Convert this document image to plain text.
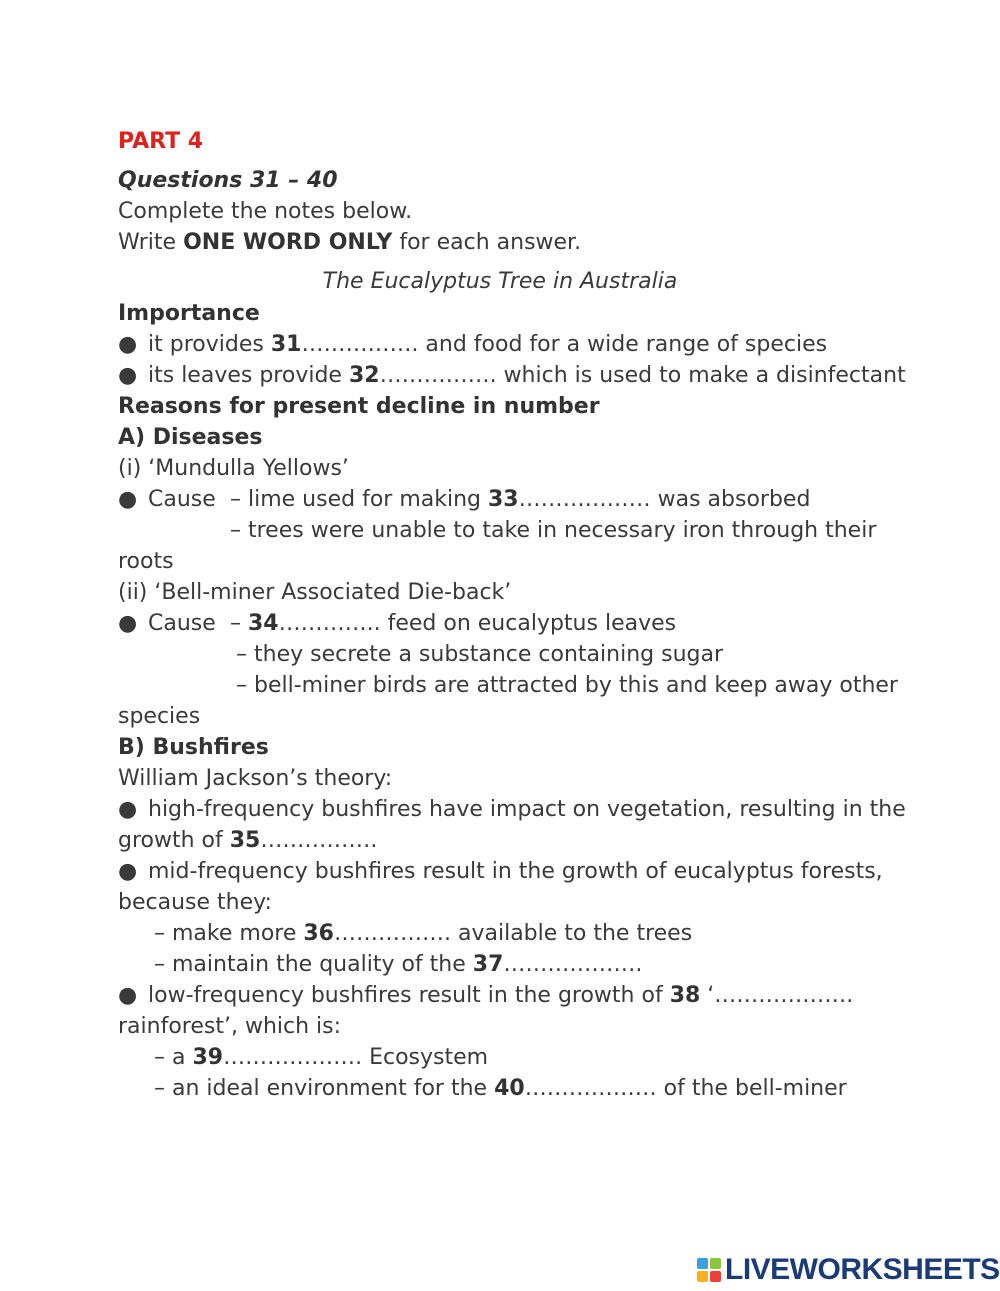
PART 4
Questions 31 – 40
Complete the notes below.
Write ONE WORD ONLY for each answer.
The Eucalyptus Tree in Australia
Importance
● it provides 31……………. and food for a wide range of species
● its leaves provide 32……………. which is used to make a disinfectant
Reasons for present decline in number
A) Diseases
(i) ‘Mundulla Yellows’
● Cause – lime used for making 33……………… was absorbed
– trees were unable to take in necessary iron through their
roots
(ii) ‘Bell-miner Associated Die-back’
● Cause – 34………….. feed on eucalyptus leaves
– they secrete a substance containing sugar
– bell-miner birds are attracted by this and keep away other
species
B) Bushfires
William Jackson’s theory:
● high-frequency bushfires have impact on vegetation, resulting in the
growth of 35…………….
● mid-frequency bushfires result in the growth of eucalyptus forests,
because they:
– make more 36……………. available to the trees
– maintain the quality of the 37……………….
● low-frequency bushfires result in the growth of 38 ‘……………….
rainforest’, which is:
– a 39………………. Ecosystem
– an ideal environment for the 40……………… of the bell-miner
LIVEWORKSHEETS
